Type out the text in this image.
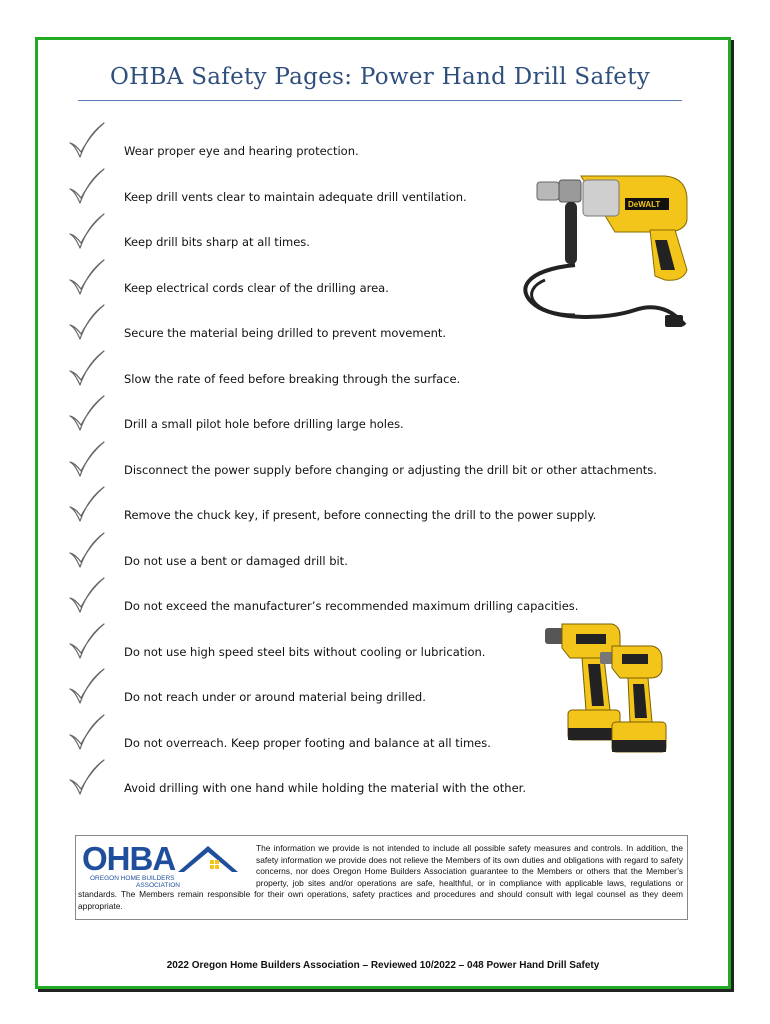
OHBA Safety Pages: Power Hand Drill Safety
Wear proper eye and hearing protection.
Keep drill vents clear to maintain adequate drill ventilation.
Keep drill bits sharp at all times.
Keep electrical cords clear of the drilling area.
Secure the material being drilled to prevent movement.
Slow the rate of feed before breaking through the surface.
Drill a small pilot hole before drilling large holes.
Disconnect the power supply before changing or adjusting the drill bit or other attachments.
Remove the chuck key, if present, before connecting the drill to the power supply.
Do not use a bent or damaged drill bit.
Do not exceed the manufacturer’s recommended maximum drilling capacities.
Do not use high speed steel bits without cooling or lubrication.
Do not reach under or around material being drilled.
Do not overreach. Keep proper footing and balance at all times.
Avoid drilling with one hand while holding the material with the other.
DeWALT
OHBA
OREGON HOME BUILDERS
ASSOCIATION
The information we provide is not intended to include all possible safety measures and controls. In addition, the safety information we provide does not relieve the Members of its own duties and obligations with regard to safety concerns, nor does Oregon Home Builders Association guarantee to the Members or others that the Member’s property, job sites and/or operations are safe, healthful, or in compliance with applicable laws, regulations or standards. The Members remain responsible for their own operations, safety practices and procedures and should consult with legal counsel as they deem appropriate.
2022 Oregon Home Builders Association – Reviewed 10/2022 – 048 Power Hand Drill Safety
